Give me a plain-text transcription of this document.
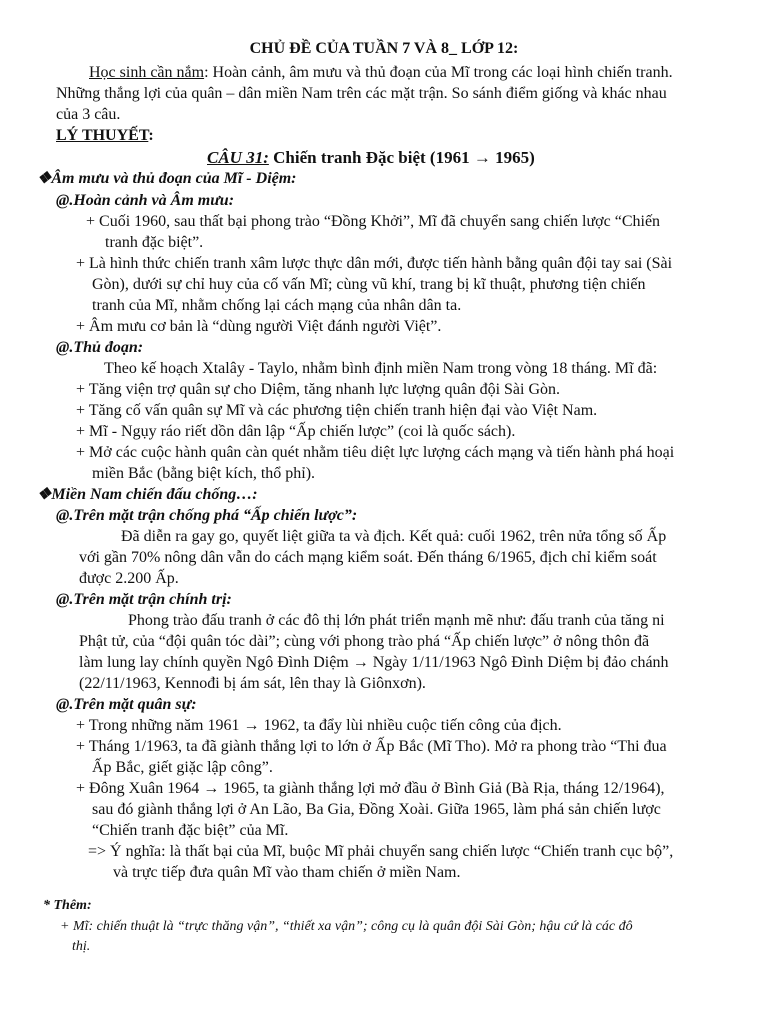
CHỦ ĐỀ CỦA TUẦN 7 VÀ 8_ LỚP 12:
Học sinh cần nắm: Hoàn cảnh, âm mưu và thủ đoạn của Mĩ trong các loại hình chiến tranh.
Những thắng lợi của quân – dân miền Nam trên các mặt trận. So sánh điểm giống và khác nhau
của 3 câu.
LÝ THUYẾT:
CÂU 31: Chiến tranh Đặc biệt (1961 → 1965)
❖Âm mưu và thủ đoạn của Mĩ - Diệm:
@.Hoàn cảnh và Âm mưu:
+ Cuối 1960, sau thất bại phong trào “Đồng Khởi”, Mĩ đã chuyển sang chiến lược “Chiến
tranh đặc biệt”.
+ Là hình thức chiến tranh xâm lược thực dân mới, được tiến hành bằng quân đội tay sai (Sài
Gòn), dưới sự chỉ huy của cố vấn Mĩ; cùng vũ khí, trang bị kĩ thuật, phương tiện chiến
tranh của Mĩ, nhằm chống lại cách mạng của nhân dân ta.
+ Âm mưu cơ bản là “dùng người Việt đánh người Việt”.
@.Thủ đoạn:
Theo kế hoạch Xtalây - Taylo, nhằm bình định miền Nam trong vòng 18 tháng. Mĩ đã:
+ Tăng viện trợ quân sự cho Diệm, tăng nhanh lực lượng quân đội Sài Gòn.
+ Tăng cố vấn quân sự Mĩ và các phương tiện chiến tranh hiện đại vào Việt Nam.
+ Mĩ - Ngụy ráo riết dồn dân lập “Ấp chiến lược” (coi là quốc sách).
+ Mở các cuộc hành quân càn quét nhằm tiêu diệt lực lượng cách mạng và tiến hành phá hoại
miền Bắc (bằng biệt kích, thổ phỉ).
❖Miền Nam chiến đấu chống…:
@.Trên mặt trận chống phá “Ấp chiến lược”:
Đã diễn ra gay go, quyết liệt giữa ta và địch. Kết quả: cuối 1962, trên nửa tổng số Ấp
với gần 70% nông dân vẫn do cách mạng kiểm soát. Đến tháng 6/1965, địch chỉ kiểm soát
được 2.200 Ấp.
@.Trên mặt trận chính trị:
Phong trào đấu tranh ở các đô thị lớn phát triển mạnh mẽ như: đấu tranh của tăng ni
Phật tử, của “đội quân tóc dài”; cùng với phong trào phá “Ấp chiến lược” ở nông thôn đã
làm lung lay chính quyền Ngô Đình Diệm → Ngày 1/11/1963 Ngô Đình Diệm bị đảo chánh
(22/11/1963, Kennođi bị ám sát, lên thay là Giônxơn).
@.Trên mặt quân sự:
+ Trong những năm 1961 → 1962, ta đẩy lùi nhiều cuộc tiến công của địch.
+ Tháng 1/1963, ta đã giành thắng lợi to lớn ở Ấp Bắc (Mĩ Tho). Mở ra phong trào “Thi đua
Ấp Bắc, giết giặc lập công”.
+ Đông Xuân 1964 → 1965, ta giành thắng lợi mở đầu ở Bình Giả (Bà Rịa, tháng 12/1964),
sau đó giành thắng lợi ở An Lão, Ba Gia, Đồng Xoài. Giữa 1965, làm phá sản chiến lược
“Chiến tranh đặc biệt” của Mĩ.
=> Ý nghĩa: là thất bại của Mĩ, buộc Mĩ phải chuyển sang chiến lược “Chiến tranh cục bộ”,
và trực tiếp đưa quân Mĩ vào tham chiến ở miền Nam.
* Thêm:
+ Mĩ: chiến thuật là “trực thăng vận”, “thiết xa vận”; công cụ là quân đội Sài Gòn; hậu cứ là các đô
thị.
